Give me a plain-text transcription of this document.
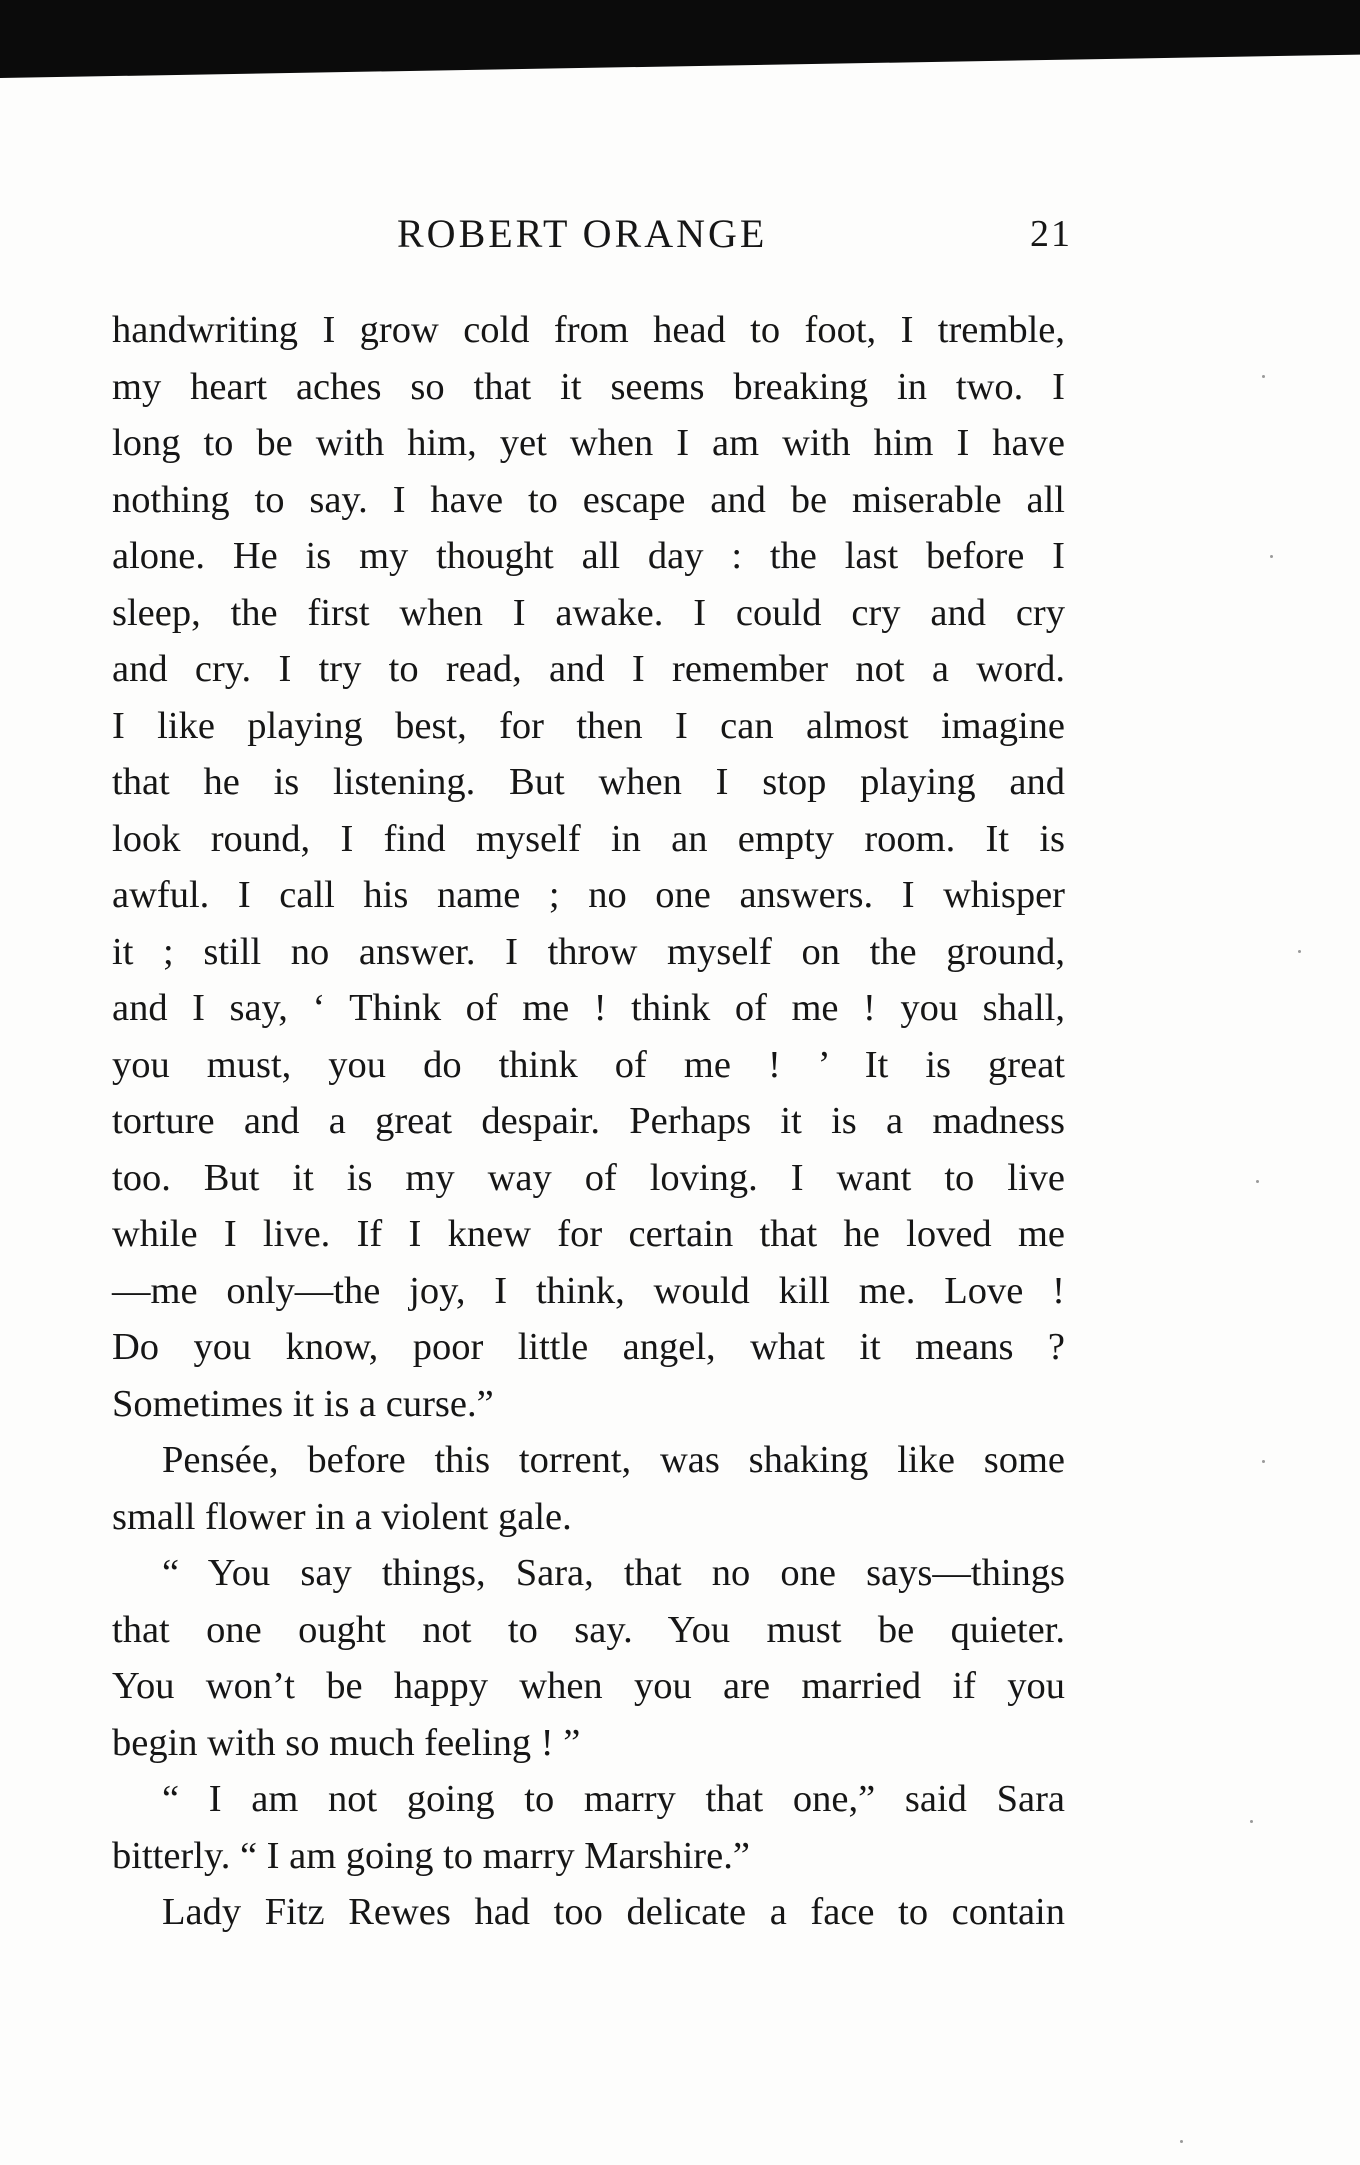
ROBERT ORANGE	21
handwriting I grow cold from head to foot, I tremble,
my heart aches so that it seems breaking in two. I
long to be with him, yet when I am with him I have
nothing to say. I have to escape and be miserable all
alone. He is my thought all day : the last before I
sleep, the first when I awake. I could cry and cry
and cry. I try to read, and I remember not a word.
I like playing best, for then I can almost imagine
that he is listening. But when I stop playing and
look round, I find myself in an empty room. It is
awful. I call his name ; no one answers. I whisper
it ; still no answer. I throw myself on the ground,
and I say, ‘ Think of me ! think of me ! you shall,
you must, you do think of me ! ’ It is great
torture and a great despair. Perhaps it is a madness
too. But it is my way of loving. I want to live
while I live. If I knew for certain that he loved me
—me only—the joy, I think, would kill me. Love !
Do you know, poor little angel, what it means ?
Sometimes it is a curse.”
Pensée, before this torrent, was shaking like some
small flower in a violent gale.
“ You say things, Sara, that no one says—things
that one ought not to say. You must be quieter.
You won’t be happy when you are married if you
begin with so much feeling ! ”
“ I am not going to marry that one,” said Sara
bitterly. “ I am going to marry Marshire.”
Lady Fitz Rewes had too delicate a face to contain
